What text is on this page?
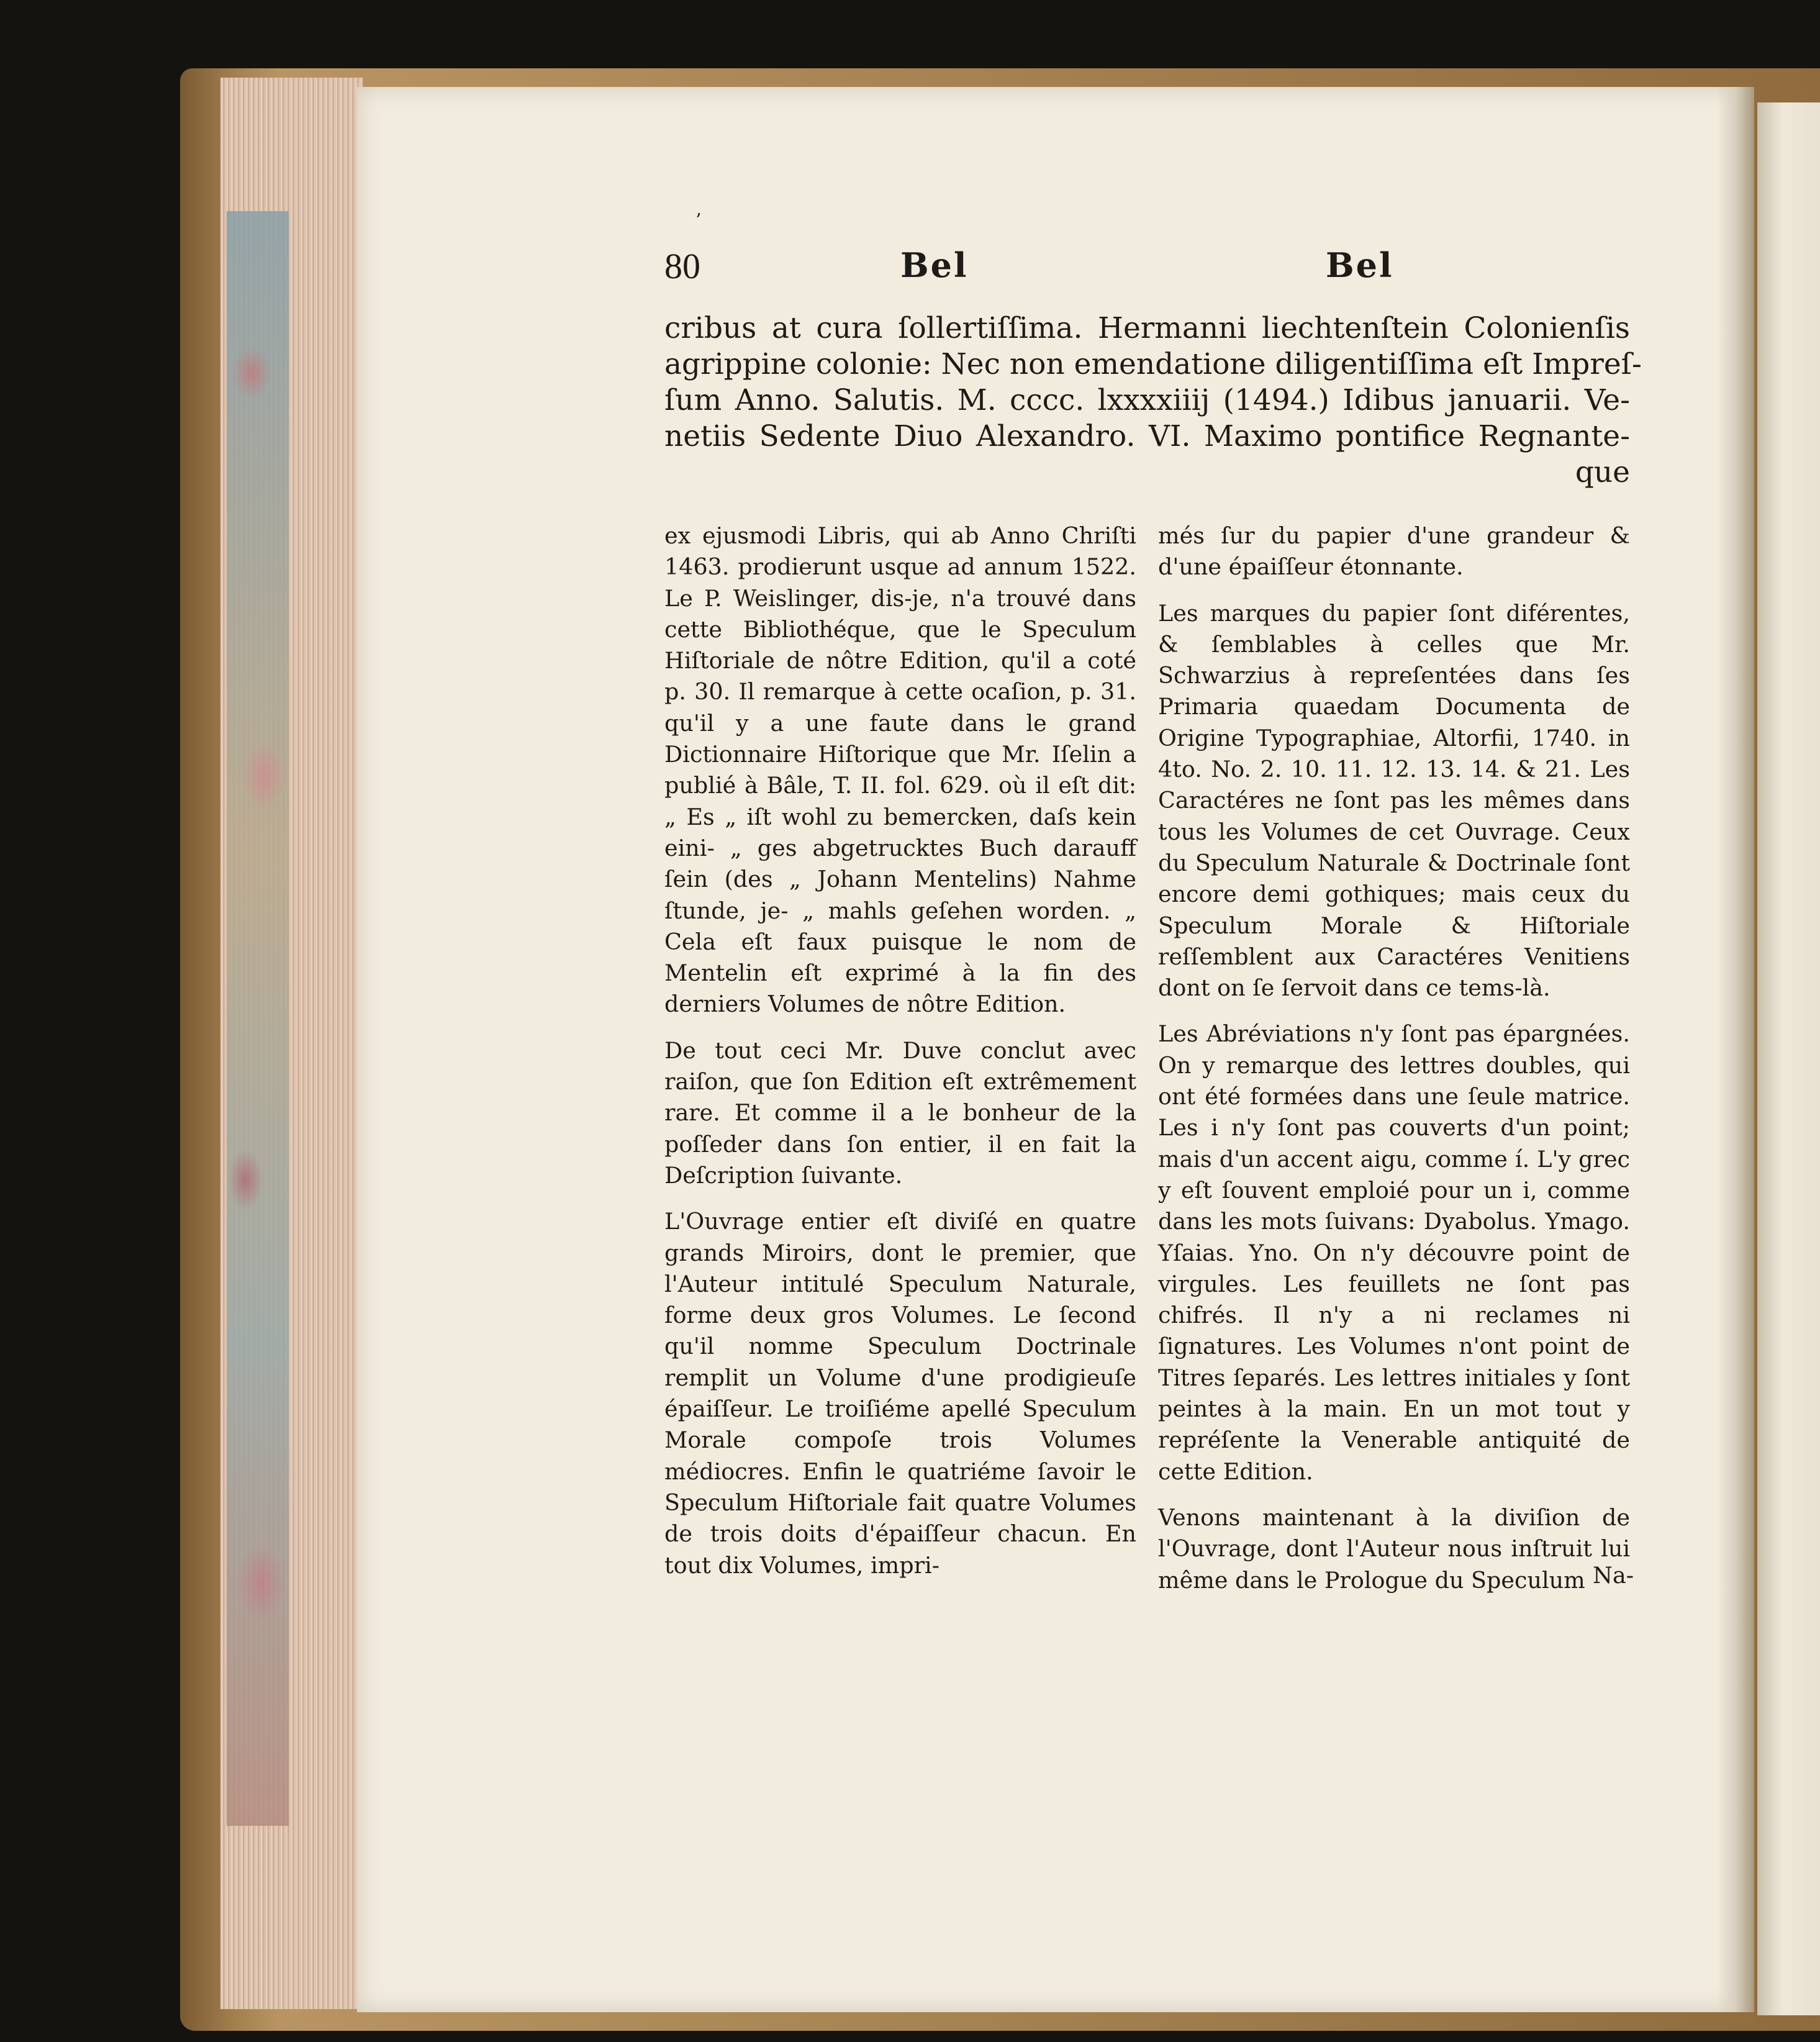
’
80	Bel	Bel
cribus at cura ſollertiſſima. Hermanni liechtenſtein Colonienſis
agrippine colonie: Nec non emendatione diligentiſſima eſt Impreſ-
ſum Anno. Salutis. M. cccc. lxxxxiiij (1494.) Idibus januarii. Ve-
netiis Sedente Diuo Alexandro. VI. Maximo pontifice Regnante-
que

ex ejusmodi Libris, qui ab Anno Chriſti 1463. prodierunt usque ad annum 1522. Le P. Weislinger, dis-je, n'a trouvé dans cette Bibliothéque, que le Speculum Hiſtoriale de nôtre Edition, qu'il a coté p. 30. Il remarque à cette ocaſion, p. 31. qu'il y a une faute dans le grand Dictionnaire Hiſtorique que Mr. Iſelin a publié à Bâle, T. II. fol. 629. où il eſt dit: „ Es „ iſt wohl zu bemercken, daſs kein eini- „ ges abgetrucktes Buch darauff ſein (des „ Johann Mentelins) Nahme ſtunde, je- „ mahls geſehen worden. „ Cela eſt faux puisque le nom de Mentelin eſt exprimé à la fin des derniers Volumes de nôtre Edition.

De tout ceci Mr. Duve conclut avec raiſon, que ſon Edition eſt extrêmement rare. Et comme il a le bonheur de la poſſeder dans ſon entier, il en fait la Deſcription ſuivante.

L'Ouvrage entier eſt diviſé en quatre grands Miroirs, dont le premier, que l'Auteur intitulé Speculum Naturale, forme deux gros Volumes. Le ſecond qu'il nomme Speculum Doctrinale remplit un Volume d'une prodigieuſe épaiſſeur. Le troiſiéme apellé Speculum Morale compoſe trois Volumes médiocres. Enfin le quatriéme ſavoir le Speculum Hiſtoriale fait quatre Volumes de trois doits d'épaiſſeur chacun. En tout dix Volumes, impri-

més ſur du papier d'une grandeur & d'une épaiſſeur étonnante.

Les marques du papier ſont diférentes, & ſemblables à celles que Mr. Schwarzius à repreſentées dans ſes Primaria quaedam Documenta de Origine Typographiae, Altorfii, 1740. in 4to. No. 2. 10. 11. 12. 13. 14. & 21. Les Caractéres ne ſont pas les mêmes dans tous les Volumes de cet Ouvrage. Ceux du Speculum Naturale & Doctrinale ſont encore demi gothiques; mais ceux du Speculum Morale & Hiſtoriale reſſemblent aux Caractéres Venitiens dont on ſe ſervoit dans ce tems-là.

Les Abréviations n'y ſont pas épargnées. On y remarque des lettres doubles, qui ont été formées dans une ſeule matrice. Les i n'y ſont pas couverts d'un point; mais d'un accent aigu, comme í. L'y grec y eſt ſouvent emploié pour un i, comme dans les mots ſuivans: Dyabolus. Ymago. Yſaias. Yno. On n'y découvre point de virgules. Les feuillets ne ſont pas chifrés. Il n'y a ni reclames ni ſignatures. Les Volumes n'ont point de Titres ſeparés. Les lettres initiales y ſont peintes à la main. En un mot tout y repréſente la Venerable antiquité de cette Edition.

Venons maintenant à la diviſion de l'Ouvrage, dont l'Auteur nous inſtruit lui même dans le Prologue du Speculum Na-
